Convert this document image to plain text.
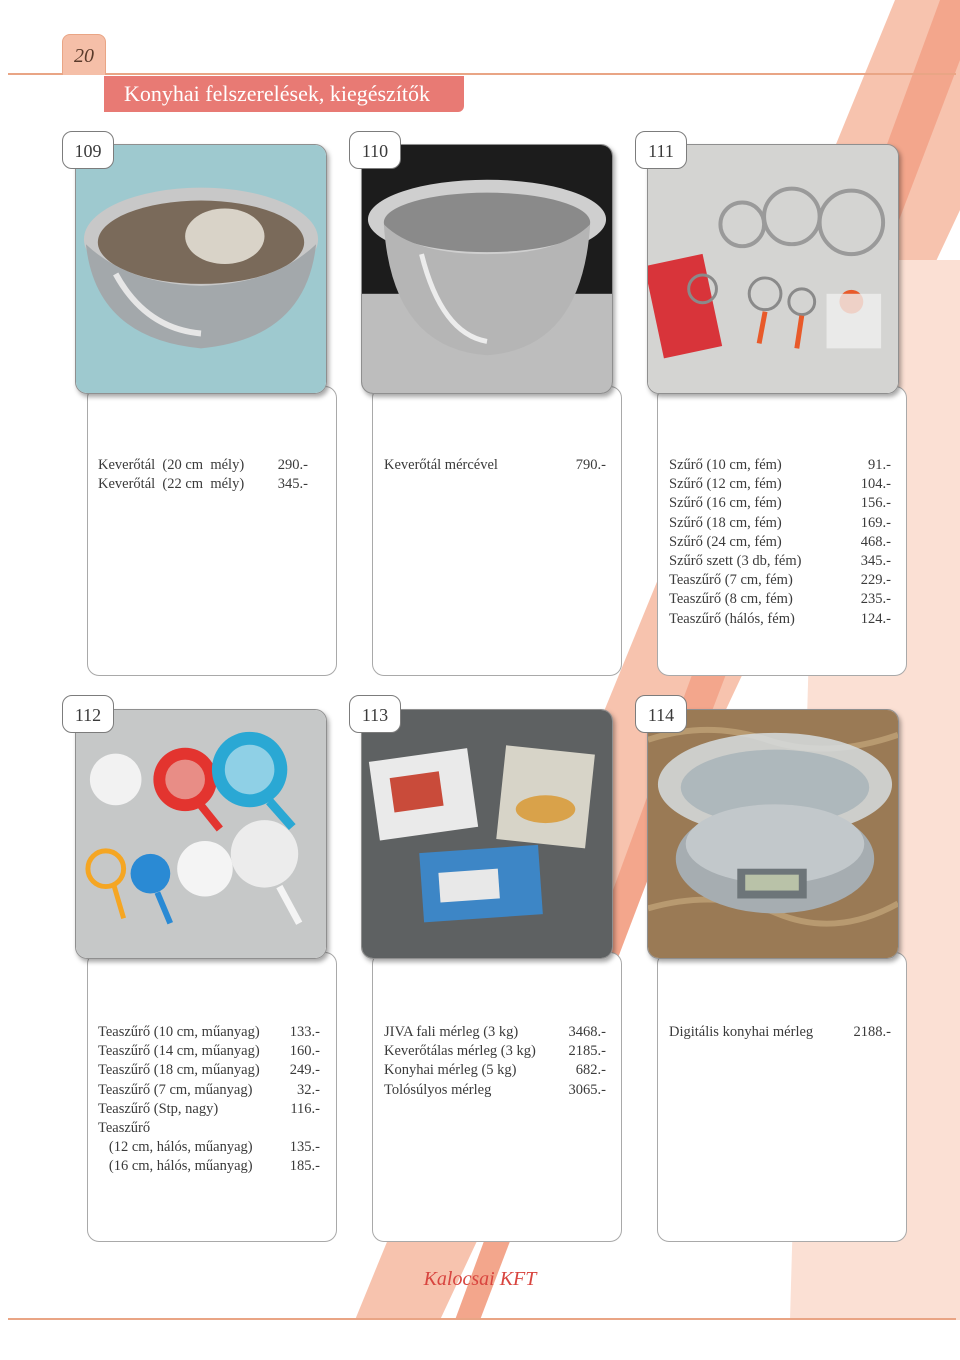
20
Konyhai felszerelések, kiegészítők
109
Keverőtál  (20 cm  mély) 290.-
Keverőtál  (22 cm  mély) 345.-
110
Keverőtál mércével	790.-
111
Szűrő (10 cm, fém)	91.-
Szűrő (12 cm, fém)	104.-
Szűrő (16 cm, fém)	156.-
Szűrő (18 cm, fém)	169.-
Szűrő (24 cm, fém)	468.-
Szűrő szett (3 db, fém)	345.-
Teaszűrő (7 cm, fém)	229.-
Teaszűrő (8 cm, fém)	235.-
Teaszűrő (hálós, fém)	124.-
112
Teaszűrő (10 cm, műanyag) 133.-
Teaszűrő (14 cm, műanyag) 160.-
Teaszűrő (18 cm, műanyag) 249.-
Teaszűrő (7 cm, műanyag)	32.-
Teaszűrő (Stp, nagy)	116.-
Teaszűrő
(12 cm, hálós, műanyag)	135.-
(16 cm, hálós, műanyag)	185.-
113
JIVA fali mérleg (3 kg)	3468.-
Keverőtálas mérleg (3 kg) 2185.-
Konyhai mérleg (5 kg)	682.-
Tolósúlyos mérleg	3065.-
114
Digitális konyhai mérleg	2188.-
Kalocsai KFT
